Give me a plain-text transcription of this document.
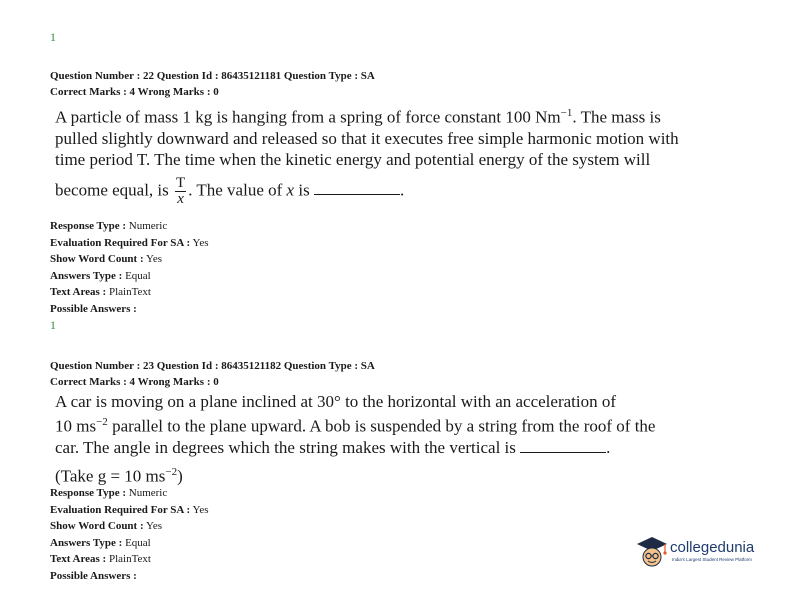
1
Question Number : 22 Question Id : 86435121181 Question Type : SA
Correct Marks : 4 Wrong Marks : 0
A particle of mass 1 kg is hanging from a spring of force constant 100 $Nm^{-1}$. The mass is
pulled slightly downward and released so that it executes free simple harmonic motion with
time period T. The time when the kinetic energy and potential energy of the system will
become equal, is $\frac{T}{x}$ . The value of x is	.
Response Type : Numeric
Evaluation Required For SA : Yes
Show Word Count : Yes
Answers Type : Equal
Text Areas : PlainText
Possible Answers :
1
Question Number : 23 Question Id : 86435121182 Question Type : SA
Correct Marks : 4 Wrong Marks : 0
A car is moving on a plane inclined at 30° to the horizontal with an acceleration of
10 $ms^{-2}$ parallel to the plane upward. A bob is suspended by a string from the roof of the
car. The angle in degrees which the string makes with the vertical is	.
(Take g = 10 $ms^{-2}$)
Response Type : Numeric
Evaluation Required For SA : Yes
Show Word Count : Yes
Answers Type : Equal
Text Areas : PlainText
Possible Answers :
collegedunia
India's Largest Student Review Platform
